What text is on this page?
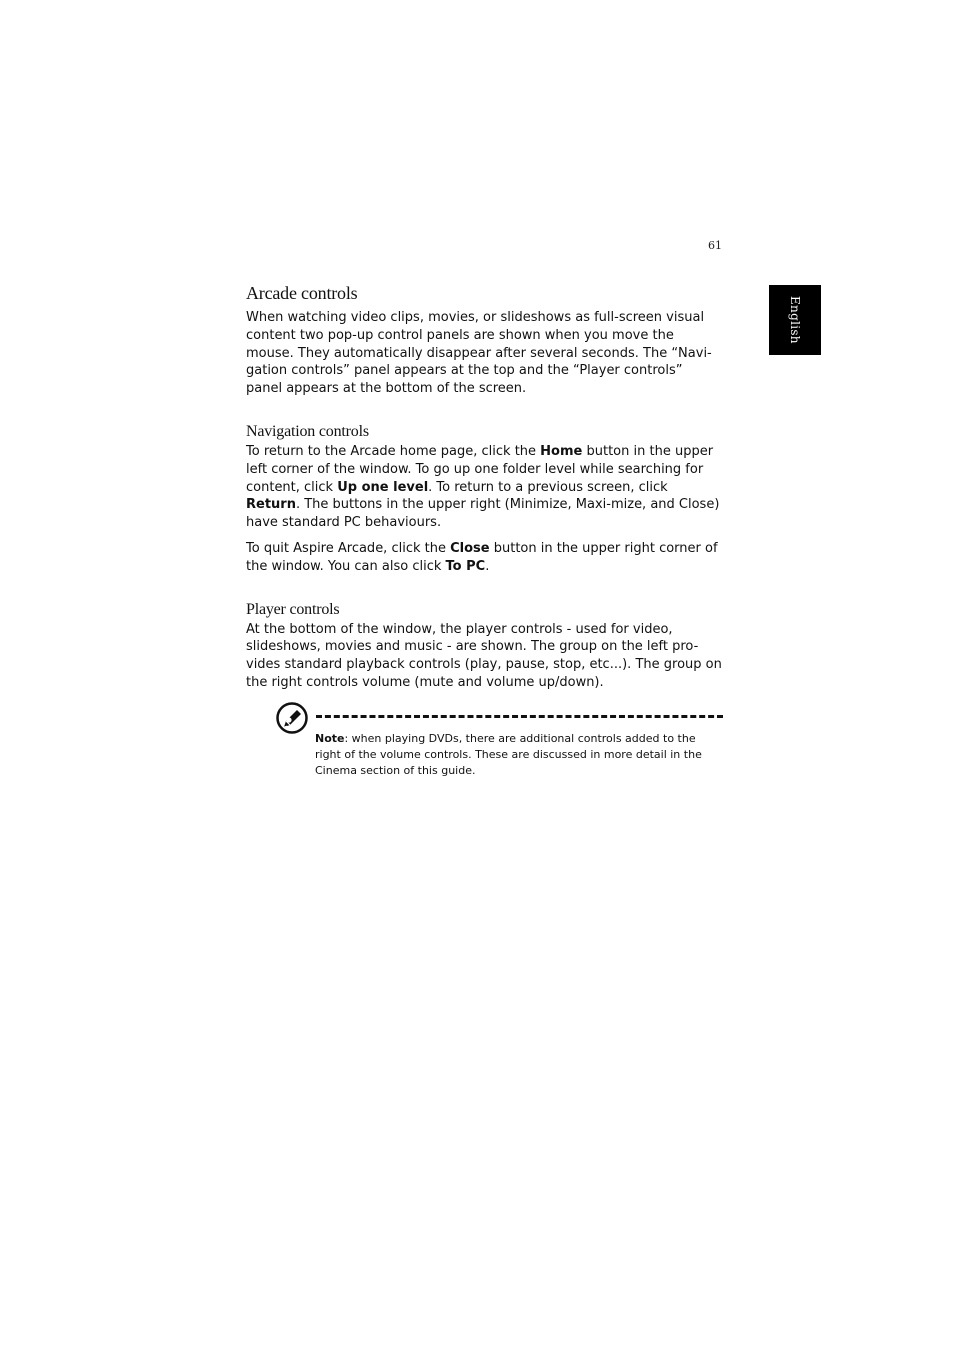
61
English
Arcade controls

When watching video clips, movies, or slideshows as full-screen visual content two pop-up control panels are shown when you move the mouse. They automatically disappear after several seconds. The “Navi-gation controls” panel appears at the top and the “Player controls” panel appears at the bottom of the screen.

Navigation controls

To return to the Arcade home page, click the Home button in the upper left corner of the window. To go up one folder level while searching for content, click Up one level. To return to a previous screen, click Return. The buttons in the upper right (Minimize, Maxi-mize, and Close) have standard PC behaviours.

To quit Aspire Arcade, click the Close button in the upper right corner of the window. You can also click To PC.

Player controls

At the bottom of the window, the player controls - used for video, slideshows, movies and music - are shown. The group on the left pro-vides standard playback controls (play, pause, stop, etc...). The group on the right controls volume (mute and volume up/down).

Note: when playing DVDs, there are additional controls added to the right of the volume controls. These are discussed in more detail in the Cinema section of this guide.
